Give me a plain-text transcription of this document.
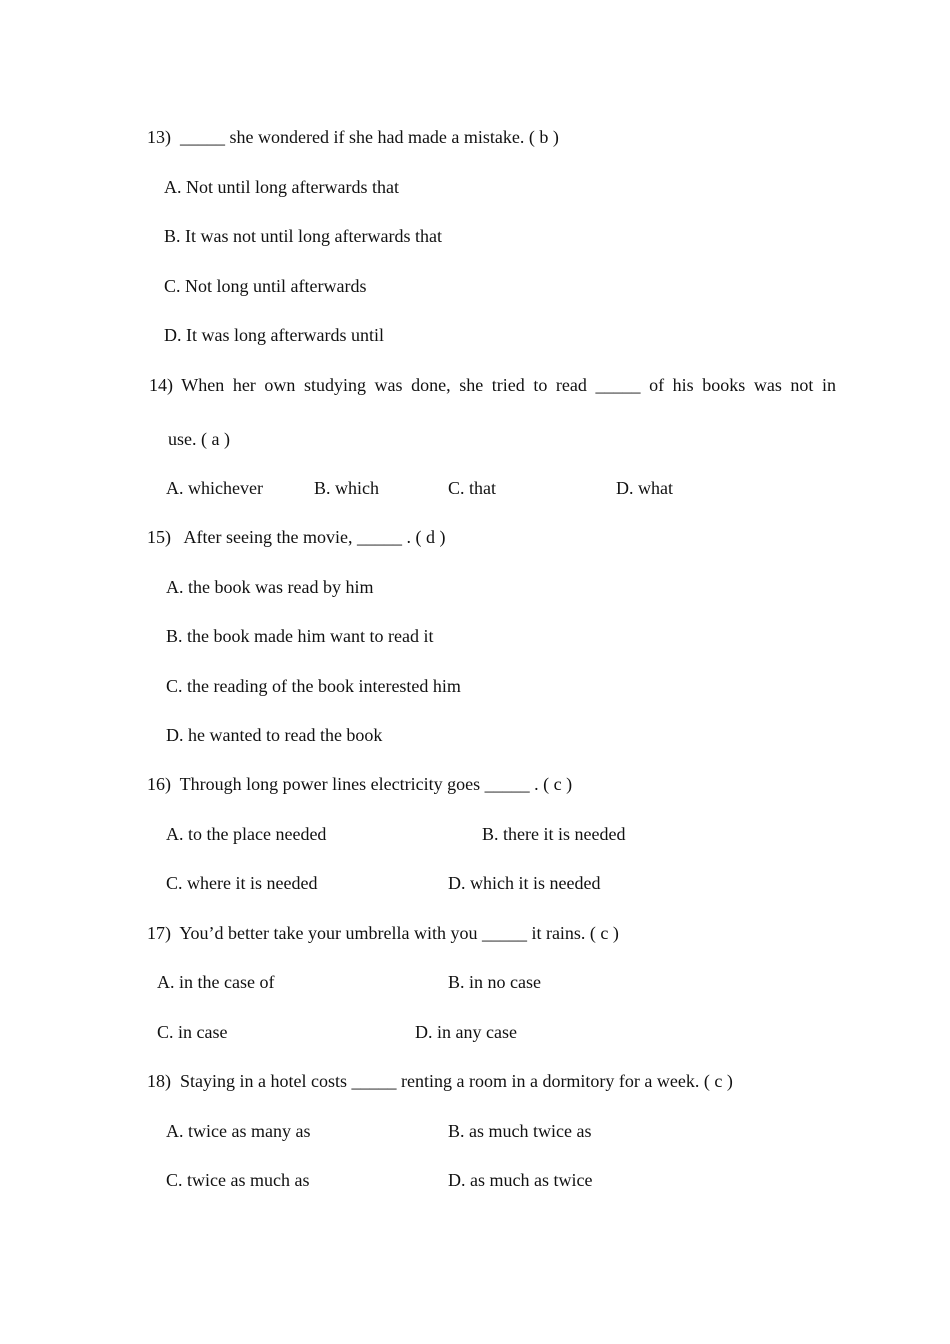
13)  _____ she wondered if she had made a mistake. ( b )
A. Not until long afterwards that
B. It was not until long afterwards that
C. Not long until afterwards
D. It was long afterwards until
14) When her own studying was done, she tried to read _____ of his books was not in
use. ( a )
A. whichever	B. which	C. that	D. what
15)   After seeing the movie, _____ . ( d )
A. the book was read by him
B. the book made him want to read it
C. the reading of the book interested him
D. he wanted to read the book
16)  Through long power lines electricity goes _____ . ( c )
A. to the place needed	B. there it is needed
C. where it is needed	D. which it is needed
17)  You’d better take your umbrella with you _____ it rains. ( c )
A. in the case of	B. in no case
C. in case	D. in any case
18)  Staying in a hotel costs _____ renting a room in a dormitory for a week. ( c )
A. twice as many as	B. as much twice as
C. twice as much as	D. as much as twice
